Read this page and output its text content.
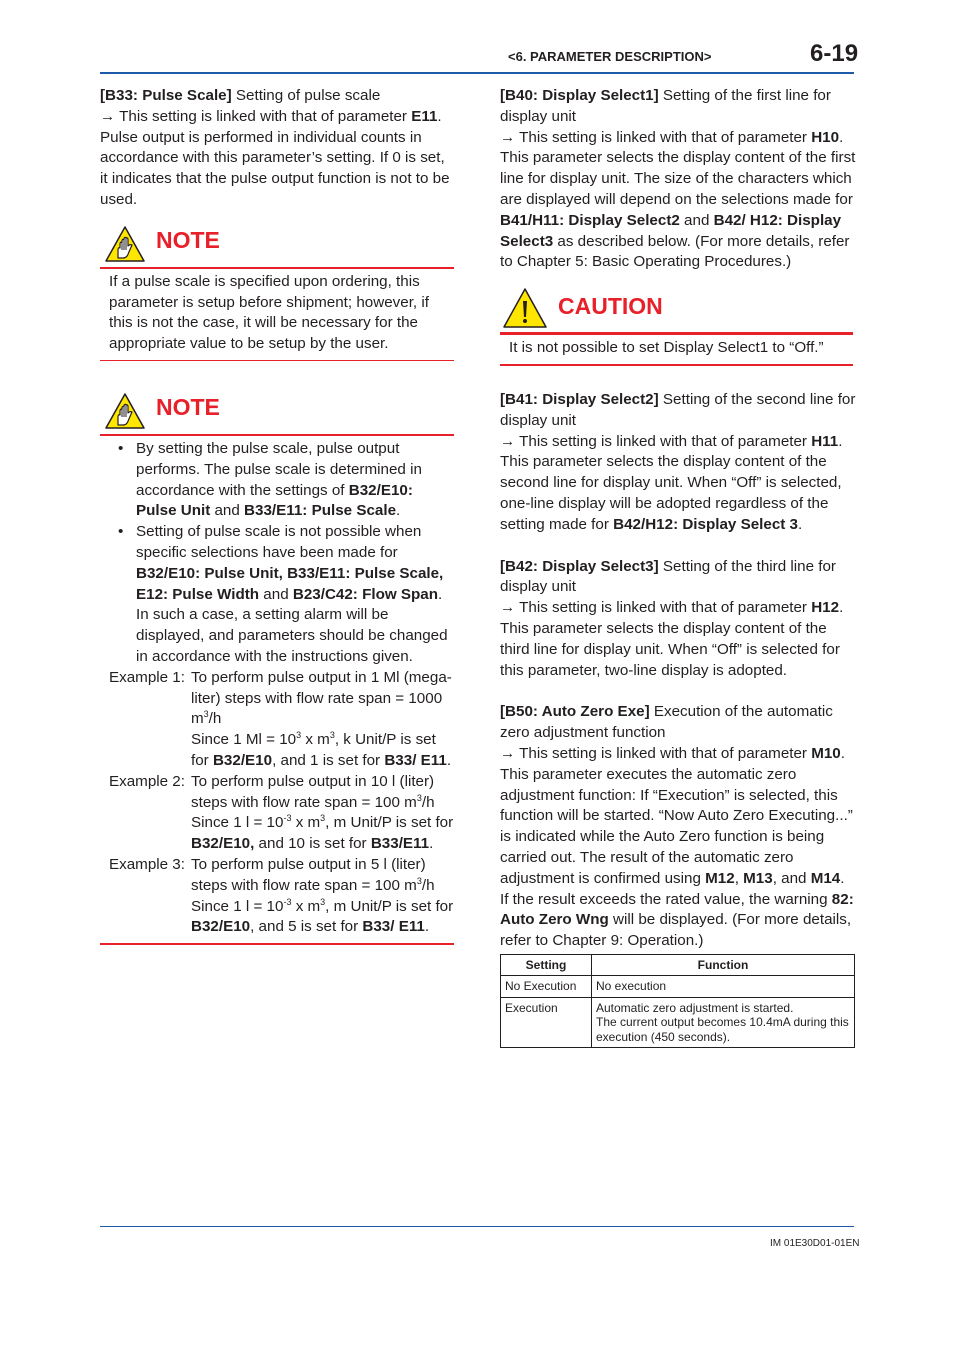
<6. PARAMETER DESCRIPTION>	6-19

[B33: Pulse Scale] Setting of pulse scale
→ This setting is linked with that of parameter E11. Pulse output is performed in individual counts in accordance with this parameter’s setting. If 0 is set, it indicates that the pulse output function is not to be used.

NOTE
If a pulse scale is specified upon ordering, this parameter is setup before shipment; however, if this is not the case, it will be necessary for the appropriate value to be setup by the user.
NOTE
• By setting the pulse scale, pulse output performs. The pulse scale is determined in accordance with the settings of B32/E10: Pulse Unit and B33/E11: Pulse Scale.
• Setting of pulse scale is not possible when specific selections have been made for B32/E10: Pulse Unit, B33/E11: Pulse Scale, E12: Pulse Width and B23/C42: Flow Span. In such a case, a setting alarm will be displayed, and parameters should be changed in accordance with the instructions given.
Example 1: To perform pulse output in 1 Ml (mega-liter) steps with flow rate span = 1000 $m^3/h$
Since 1 $Ml = 10^3$ x $m^3$, k Unit/P is set for B32/E10, and 1 is set for B33/ E11.
Example 2: To perform pulse output in 10 l (liter) steps with flow rate span = 100 $m^3/h$
Since 1 $l = 10^{-3}$ x $m^3$, m Unit/P is set for B32/E10, and 10 is set for B33/E11.
Example 3: To perform pulse output in 5 l (liter) steps with flow rate span = 100 $m^3/h$
Since 1 $l = 10^{-3}$ x $m^3$, m Unit/P is set for B32/E10, and 5 is set for B33/ E11.

[B40: Display Select1] Setting of the first line for display unit
→ This setting is linked with that of parameter H10. This parameter selects the display content of the first line for display unit. The size of the characters which are displayed will depend on the selections made for B41/H11: Display Select2 and B42/ H12: Display Select3 as described below. (For more details, refer to Chapter 5: Basic Operating Procedures.)

CAUTION
It is not possible to set Display Select1 to “Off.”

[B41: Display Select2] Setting of the second line for display unit
→ This setting is linked with that of parameter H11. This parameter selects the display content of the second line for display unit. When “Off” is selected, one-line display will be adopted regardless of the setting made for B42/H12: Display Select 3.

[B42: Display Select3] Setting of the third line for display unit
→ This setting is linked with that of parameter H12. This parameter selects the display content of the third line for display unit. When “Off” is selected for this parameter, two-line display is adopted.

[B50: Auto Zero Exe] Execution of the automatic zero adjustment function
→ This setting is linked with that of parameter M10. This parameter executes the automatic zero adjustment function: If “Execution” is selected, this function will be started. “Now Auto Zero Executing...” is indicated while the Auto Zero function is being carried out. The result of the automatic zero adjustment is confirmed using M12, M13, and M14. If the result exceeds the rated value, the warning 82: Auto Zero Wng will be displayed. (For more details, refer to Chapter 9: Operation.)

Setting	Function
No Execution	No execution
Execution	Automatic zero adjustment is started.
The current output becomes 10.4mA during this execution (450 seconds).
IM 01E30D01-01EN
